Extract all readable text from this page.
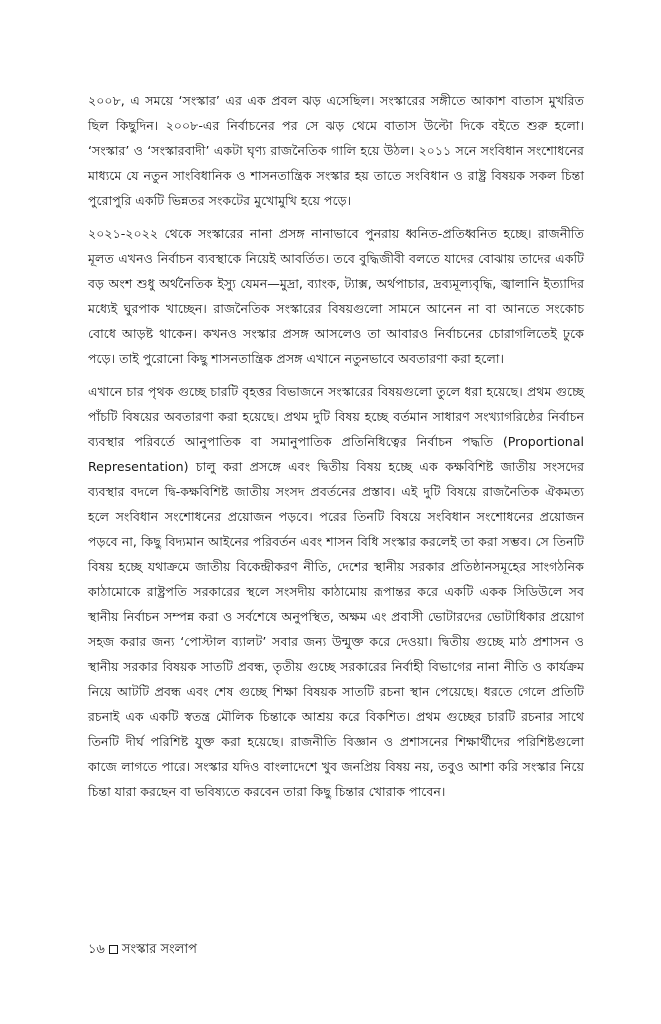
২০০৮, এ সময়ে ‘সংস্কার’ এর এক প্রবল ঝড় এসেছিল। সংস্কারের সঙ্গীতে আকাশ বাতাস মুখরিত ছিল কিছুদিন। ২০০৮-এর নির্বাচনের পর সে ঝড় থেমে বাতাস উল্টো দিকে বইতে শুরু হলো। ‘সংস্কার’ ও ‘সংস্কারবাদী’ একটা ঘৃণ্য রাজনৈতিক গালি হয়ে উঠল। ২০১১ সনে সংবিধান সংশোধনের মাধ্যমে যে নতুন সাংবিধানিক ও শাসনতান্ত্রিক সংস্কার হয় তাতে সংবিধান ও রাষ্ট্র বিষয়ক সকল চিন্তা পুরোপুরি একটি ভিন্নতর সংকটের মুখোমুখি হয়ে পড়ে।

২০২১-২০২২ থেকে সংস্কারের নানা প্রসঙ্গ নানাভাবে পুনরায় ধ্বনিত-প্রতিধ্বনিত হচ্ছে। রাজনীতি মূলত এখনও নির্বাচন ব্যবস্থাকে নিয়েই আবর্তিত। তবে বুদ্ধিজীবী বলতে যাদের বোঝায় তাদের একটি বড় অংশ শুধু অর্থনৈতিক ইস্যু যেমন—মুদ্রা, ব্যাংক, ট্যাক্স, অর্থপাচার, দ্রব্যমূল্যবৃদ্ধি, জ্বালানি ইত্যাদির মধ্যেই ঘুরপাক খাচ্ছেন। রাজনৈতিক সংস্কারের বিষয়গুলো সামনে আনেন না বা আনতে সংকোচ বোধে আড়ষ্ট থাকেন। কখনও সংস্কার প্রসঙ্গ আসলেও তা আবারও নির্বাচনের চোরাগলিতেই ঢুকে পড়ে। তাই পুরোনো কিছু শাসনতান্ত্রিক প্রসঙ্গ এখানে নতুনভাবে অবতারণা করা হলো।

এখানে চার পৃথক গুচ্ছে চারটি বৃহত্তর বিভাজনে সংস্কারের বিষয়গুলো তুলে ধরা হয়েছে। প্রথম গুচ্ছে পাঁচটি বিষয়ের অবতারণা করা হয়েছে। প্রথম দুটি বিষয় হচ্ছে বর্তমান সাধারণ সংখ্যাগরিষ্ঠের নির্বাচন ব্যবস্থার পরিবর্তে আনুপাতিক বা সমানুপাতিক প্রতিনিধিত্বের নির্বাচন পদ্ধতি (Proportional Representation) চালু করা প্রসঙ্গে এবং দ্বিতীয় বিষয় হচ্ছে এক কক্ষবিশিষ্ট জাতীয় সংসদের ব্যবস্থার বদলে দ্বি-কক্ষবিশিষ্ট জাতীয় সংসদ প্রবর্তনের প্রস্তাব। এই দুটি বিষয়ে রাজনৈতিক ঐকমত্য হলে সংবিধান সংশোধনের প্রয়োজন পড়বে। পরের তিনটি বিষয়ে সংবিধান সংশোধনের প্রয়োজন পড়বে না, কিছু বিদ্যমান আইনের পরিবর্তন এবং শাসন বিধি সংস্কার করলেই তা করা সম্ভব। সে তিনটি বিষয় হচ্ছে যথাক্রমে জাতীয় বিকেন্দ্রীকরণ নীতি, দেশের স্থানীয় সরকার প্রতিষ্ঠানসমূহের সাংগঠনিক কাঠামোকে রাষ্ট্রপতি সরকারের স্থলে সংসদীয় কাঠামোয় রূপান্তর করে একটি একক সিডিউলে সব স্থানীয় নির্বাচন সম্পন্ন করা ও সর্বশেষে অনুপস্থিত, অক্ষম এং প্রবাসী ভোটারদের ভোটাধিকার প্রয়োগ সহজ করার জন্য ‘পোস্টাল ব্যালট’ সবার জন্য উন্মুক্ত করে দেওয়া। দ্বিতীয় গুচ্ছে মাঠ প্রশাসন ও স্থানীয় সরকার বিষয়ক সাতটি প্রবন্ধ, তৃতীয় গুচ্ছে সরকারের নির্বাহী বিভাগের নানা নীতি ও কার্যক্রম নিয়ে আটটি প্রবন্ধ এবং শেষ গুচ্ছে শিক্ষা বিষয়ক সাতটি রচনা স্থান পেয়েছে। ধরতে গেলে প্রতিটি রচনাই এক একটি স্বতন্ত্র মৌলিক চিন্তাকে আশ্রয় করে বিকশিত। প্রথম গুচ্ছের চারটি রচনার সাথে তিনটি দীর্ঘ পরিশিষ্ট যুক্ত করা হয়েছে। রাজনীতি বিজ্ঞান ও প্রশাসনের শিক্ষার্থীদের পরিশিষ্টগুলো কাজে লাগতে পারে। সংস্কার যদিও বাংলাদেশে খুব জনপ্রিয় বিষয় নয়, তবুও আশা করি সংস্কার নিয়ে চিন্তা যারা করছেন বা ভবিষ্যতে করবেন তারা কিছু চিন্তার খোরাক পাবেন।

১৬ সংস্কার সংলাপ
